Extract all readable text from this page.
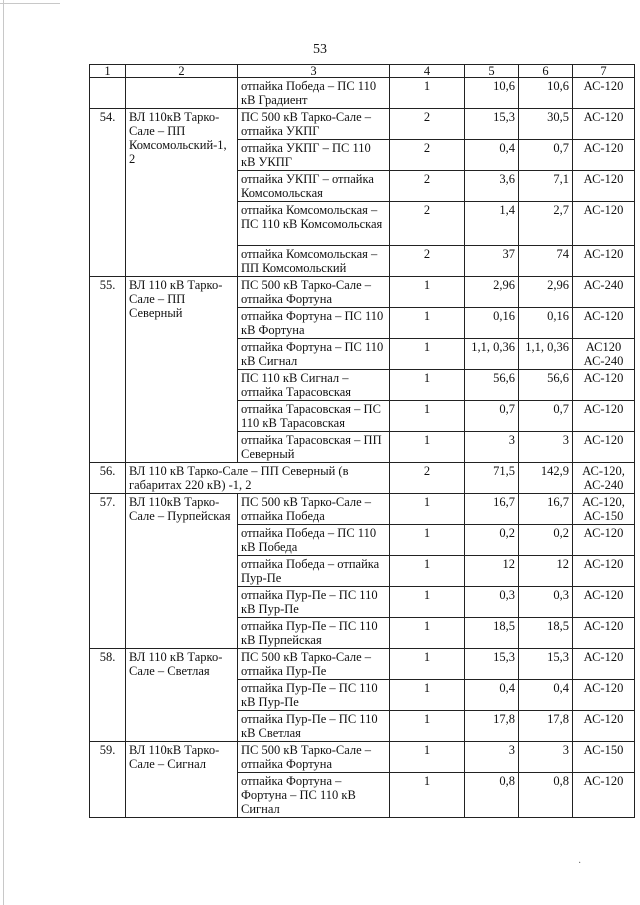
53
1	2	3	4	5	6	7
		отпайка Победа – ПС 110 кВ Градиент	1	10,6	10,6	АС-120
54.	ВЛ 110кВ Тарко-Сале – ПП Комсомольский-1, 2	ПС 500 кВ Тарко-Сале – отпайка УКПГ	2	15,3	30,5	АС-120
		отпайка УКПГ – ПС 110 кВ УКПГ	2	0,4	0,7	АС-120
		отпайка УКПГ – отпайка Комсомольская	2	3,6	7,1	АС-120
		отпайка Комсомольская – ПС 110 кВ Комсомольская	2	1,4	2,7	АС-120
		отпайка Комсомольская – ПП Комсомольский	2	37	74	АС-120
55.	ВЛ 110 кВ Тарко-Сале – ПП Северный	ПС 500 кВ Тарко-Сале – отпайка Фортуна	1	2,96	2,96	АС-240
		отпайка Фортуна – ПС 110 кВ Фортуна	1	0,16	0,16	АС-120
		отпайка Фортуна – ПС 110 кВ Сигнал	1	1,1, 0,36	1,1, 0,36	АС120 АС-240
		ПС 110 кВ Сигнал – отпайка Тарасовская	1	56,6	56,6	АС-120
		отпайка Тарасовская – ПС 110 кВ Тарасовская	1	0,7	0,7	АС-120
		отпайка Тарасовская – ПП Северный	1	3	3	АС-120
56.	ВЛ 110 кВ Тарко-Сале – ПП Северный (в габаритах 220 кВ) -1, 2		2	71,5	142,9	АС-120, АС-240
57.	ВЛ 110кВ Тарко-Сале – Пурпейская	ПС 500 кВ Тарко-Сале – отпайка Победа	1	16,7	16,7	АС-120, АС-150
		отпайка Победа – ПС 110 кВ Победа	1	0,2	0,2	АС-120
		отпайка Победа – отпайка Пур-Пе	1	12	12	АС-120
		отпайка Пур-Пе – ПС 110 кВ Пур-Пе	1	0,3	0,3	АС-120
		отпайка Пур-Пе – ПС 110 кВ Пурпейская	1	18,5	18,5	АС-120
58.	ВЛ 110 кВ Тарко-Сале – Светлая	ПС 500 кВ Тарко-Сале – отпайка Пур-Пе	1	15,3	15,3	АС-120
		отпайка Пур-Пе – ПС 110 кВ Пур-Пе	1	0,4	0,4	АС-120
		отпайка Пур-Пе – ПС 110 кВ Светлая	1	17,8	17,8	АС-120
59.	ВЛ 110кВ Тарко-Сале – Сигнал	ПС 500 кВ Тарко-Сале – отпайка Фортуна	1	3	3	АС-150
		отпайка Фортуна – Фортуна – ПС 110 кВ Сигнал	1	0,8	0,8	АС-120
·
